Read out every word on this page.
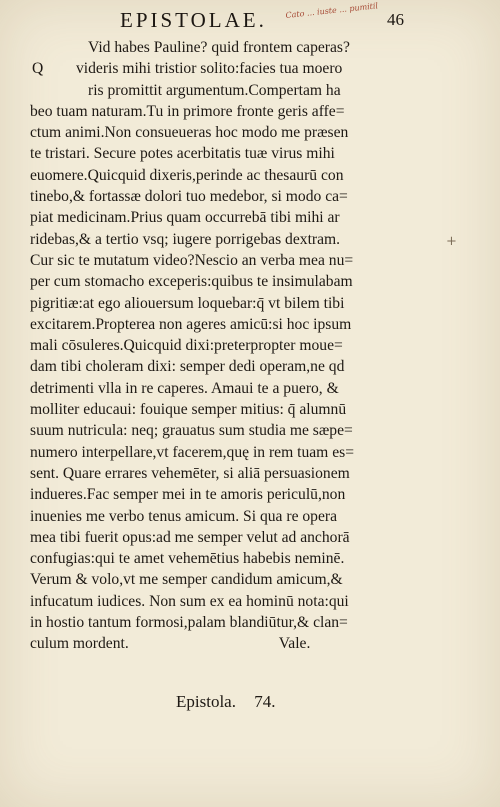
EPISTOLAE.	46
Cato ... iuste ... pumitil
Vid habes Pauline? quid frontem caperas?
Q videris mihi tristior solito:facies tua moero
ris promittit argumentum.Compertam ha
beo tuam naturam.Tu in primore fronte geris affe=
ctum animi.Non consueueras hoc modo me præsen
te tristari. Secure potes acerbitatis tuæ virus mihi
euomere.Quicquid dixeris,perinde ac thesaurū con
tinebo,& fortassæ dolori tuo medebor, si modo ca=
piat medicinam.Prius quam occurrebā tibi mihi ar
ridebas,& a tertio vsq; iugere porrigebas dextram.
Cur sic te mutatum video?Nescio an verba mea nu=
per cum stomacho exceperis:quibus te insimulabam
pigritiæ:at ego aliouersum loquebar:q̄ vt bilem tibi
excitarem.Propterea non ageres amicū:si hoc ipsum
mali cōsuleres.Quicquid dixi:preterpropter moue=
dam tibi choleram dixi: semper dedi operam,ne qd
detrimenti vlla in re caperes. Amaui te a puero, &
molliter educaui: fouique semper mitius: q̄ alumnū
suum nutricula: neq; grauatus sum studia me sæpe=
numero interpellare,vt facerem,quę in rem tuam es=
sent. Quare errares vehemēter, si aliā persuasionem
indueres.Fac semper mei in te amoris periculū,non
inuenies me verbo tenus amicum. Si qua re opera
mea tibi fuerit opus:ad me semper velut ad anchorā
confugias:qui te amet vehemētius habebis neminē.
Verum & volo,vt me semper candidum amicum,&
infucatum iudices. Non sum ex ea hominū nota:qui
in hostio tantum formosi,palam blandiūtur,& clan=
culum mordent.	Vale.
+
Epistola. 74.
